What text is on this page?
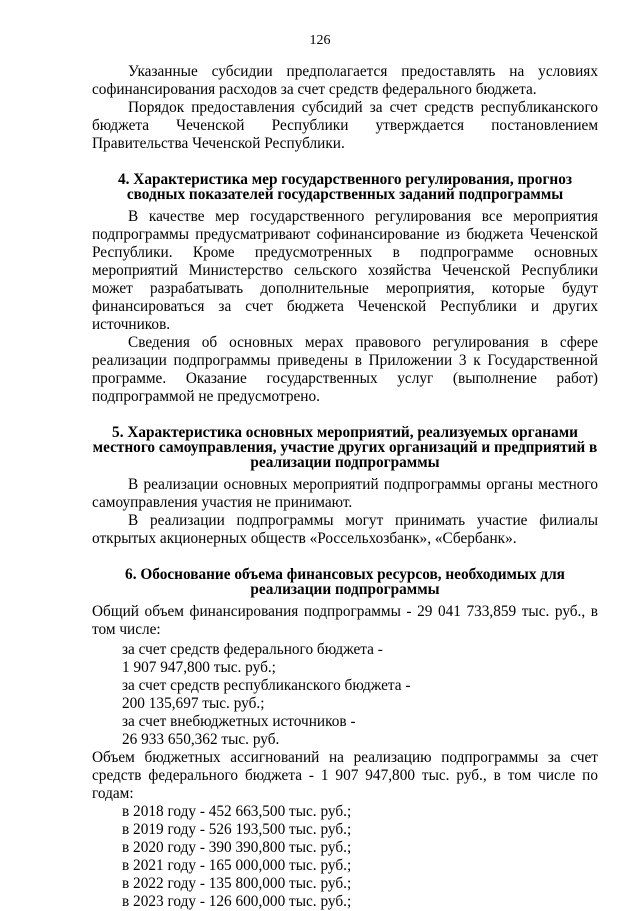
126

Указанные субсидии предполагается предоставлять на условиях софинансирования расходов за счет средств федерального бюджета.

Порядок предоставления субсидий за счет средств республиканского бюджета Чеченской Республики утверждается постановлением Правительства Чеченской Республики.

4. Характеристика мер государственного регулирования, прогноз сводных показателей государственных заданий подпрограммы

В качестве мер государственного регулирования все мероприятия подпрограммы предусматривают софинансирование из бюджета Чеченской Республики. Кроме предусмотренных в подпрограмме основных мероприятий Министерство сельского хозяйства Чеченской Республики может разрабатывать дополнительные мероприятия, которые будут финансироваться за счет бюджета Чеченской Республики и других источников.

Сведения об основных мерах правового регулирования в сфере реализации подпрограммы приведены в Приложении 3 к Государственной программе. Оказание государственных услуг (выполнение работ) подпрограммой не предусмотрено.

5. Характеристика основных мероприятий, реализуемых органами местного самоуправления, участие других организаций и предприятий в реализации подпрограммы

В реализации основных мероприятий подпрограммы органы местного самоуправления участия не принимают.

В реализации подпрограммы могут принимать участие филиалы открытых акционерных обществ «Россельхозбанк», «Сбербанк».

6. Обоснование объема финансовых ресурсов, необходимых для реализации подпрограммы

Общий объем финансирования подпрограммы - 29 041 733,859 тыс. руб., в том числе:

за счет средств федерального бюджета -
1 907 947,800 тыс. руб.;
за счет средств республиканского бюджета -
200 135,697 тыс. руб.;
за счет внебюджетных источников -
26 933 650,362 тыс. руб.

Объем бюджетных ассигнований на реализацию подпрограммы за счет средств федерального бюджета - 1 907 947,800 тыс. руб., в том числе по годам:

в 2018 году - 452 663,500 тыс. руб.;
в 2019 году - 526 193,500 тыс. руб.;
в 2020 году - 390 390,800 тыс. руб.;
в 2021 году - 165 000,000 тыс. руб.;
в 2022 году - 135 800,000 тыс. руб.;
в 2023 году - 126 600,000 тыс. руб.;
